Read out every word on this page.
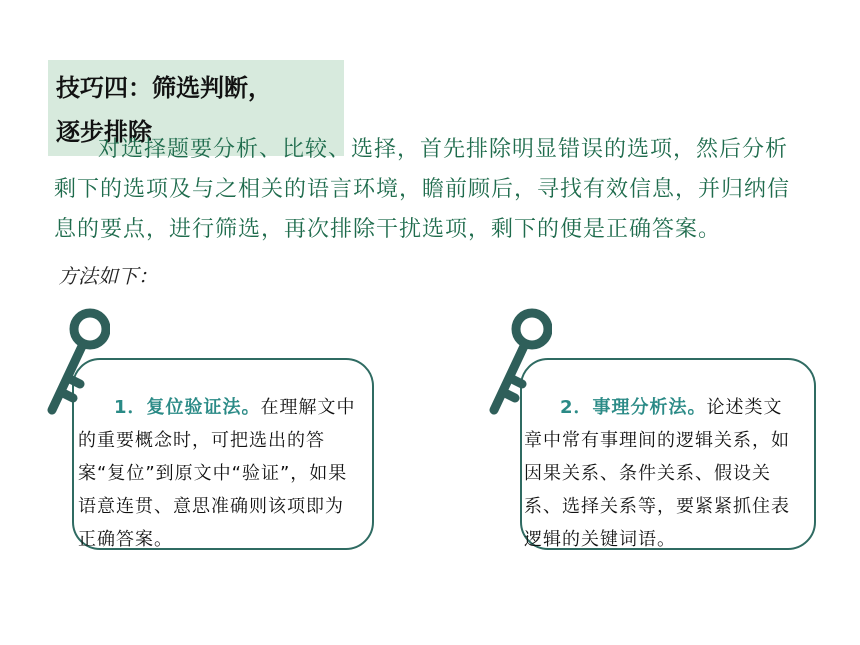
技巧四：筛选判断，
逐步排除

对选择题要分析、比较、选择，首先排除明显错误的选项，然后分析剩下的选项及与之相关的语言环境，瞻前顾后，寻找有效信息，并归纳信息的要点，进行筛选，再次排除干扰选项，剩下的便是正确答案。

方法如下：

1．复位验证法。在理解文中的重要概念时，可把选出的答案“复位”到原文中“验证”，如果语意连贯、意思准确则该项即为正确答案。

2．事理分析法。论述类文章中常有事理间的逻辑关系，如因果关系、条件关系、假设关系、选择关系等，要紧紧抓住表逻辑的关键词语。
